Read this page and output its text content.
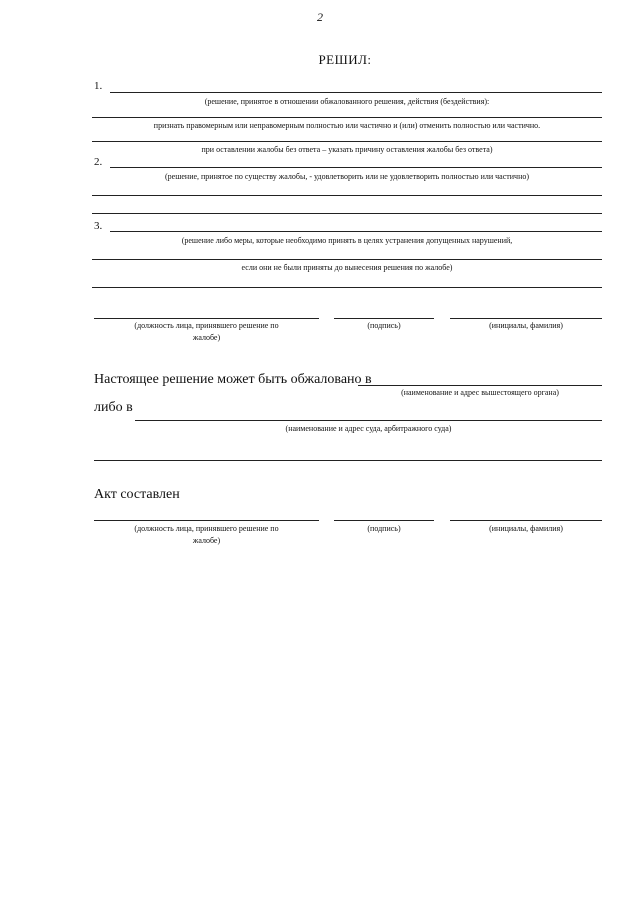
2
РЕШИЛ:
1.
(решение, принятое в отношении обжалованного решения, действия (бездействия):
признать правомерным или неправомерным полностью или частично и (или) отменить полностью или частично.
при оставлении жалобы без ответа – указать причину оставления жалобы без ответа)
2.
(решение, принятое по существу жалобы, - удовлетворить или не удовлетворить полностью или частично)
3.
(решение либо меры, которые необходимо принять в целях устранения допущенных нарушений,
если они не были приняты до вынесения решения по жалобе)
(должность лица, принявшего решение по
жалобе)
(подпись)	(инициалы, фамилия)
Настоящее решение может быть обжаловано в
(наименование и адрес вышестоящего органа)
либо в
(наименование и адрес суда, арбитражного суда)
Акт составлен
(должность лица, принявшего решение по
жалобе)
(подпись)	(инициалы, фамилия)
